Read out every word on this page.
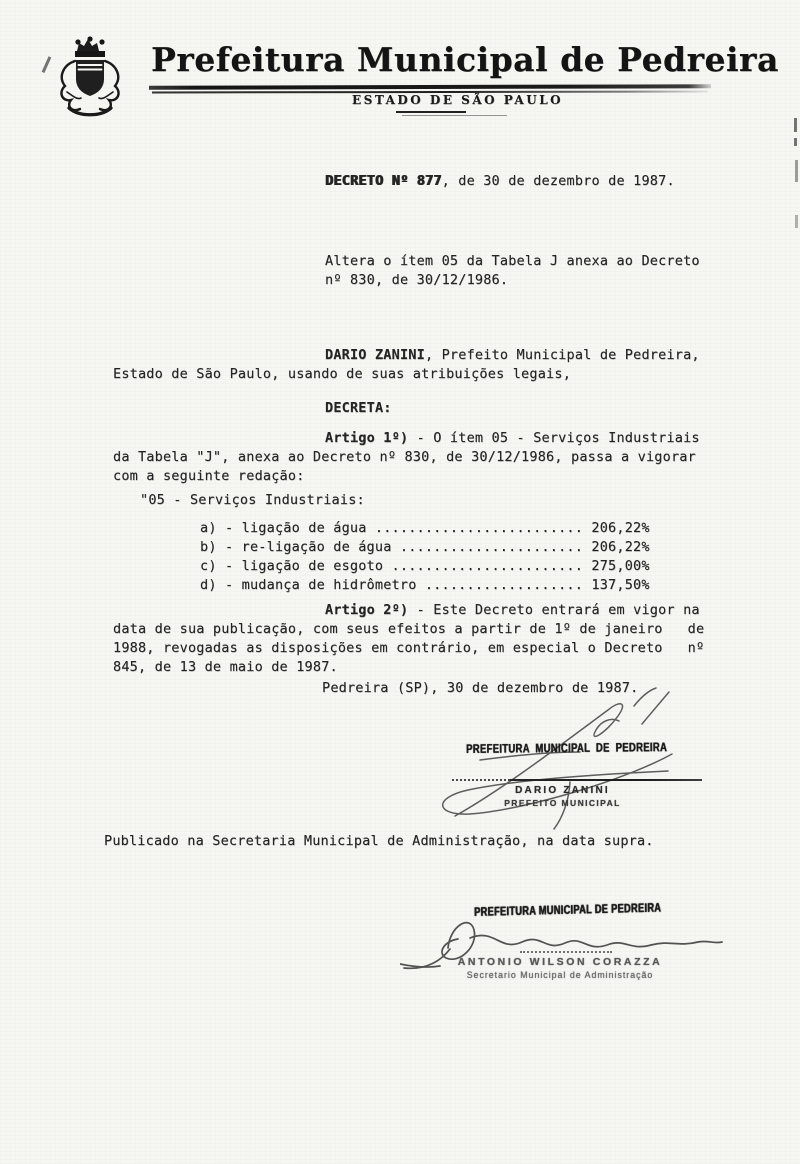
Prefeitura Municipal de Pedreira
ESTADO DE SÃO PAULO
DECRETO Nº 877, de 30 de dezembro de 1987.
Altera o ítem 05 da Tabela J anexa ao Decreto
nº 830, de 30/12/1986.
DARIO ZANINI, Prefeito Municipal de Pedreira,
Estado de São Paulo, usando de suas atribuições legais,
DECRETA:
Artigo 1º) - O ítem 05 - Serviços Industriais
da Tabela "J", anexa ao Decreto nº 830, de 30/12/1986, passa a vigorar
com a seguinte redação:
"05 - Serviços Industriais:
a) - ligação de água ......................... 206,22%
b) - re-ligação de água ...................... 206,22%
c) - ligação de esgoto ....................... 275,00%
d) - mudança de hidrômetro ................... 137,50%
Artigo 2º) - Este Decreto entrará em vigor na
data de sua publicação, com seus efeitos a partir de 1º de janeiro   de
1988, revogadas as disposições em contrário, em especial o Decreto   nº
845, de 13 de maio de 1987.
Pedreira (SP), 30 de dezembro de 1987.
PREFEITURA  MUNICIPAL  DE  PEDREIRA
DARIO ZANINI
PREFEITO MUNICIPAL
Publicado na Secretaria Municipal de Administração, na data supra.
PREFEITURA MUNICIPAL DE PEDREIRA
ANTONIO WILSON CORAZZA
Secretario Municipal de Administração
